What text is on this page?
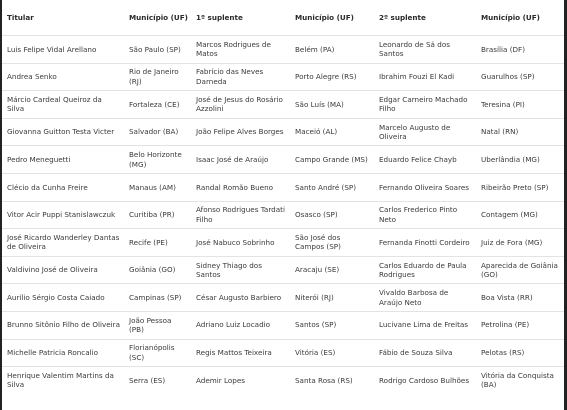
Titular	Município (UF)	1º suplente	Município (UF)	2º suplente	Município (UF)
Luis Felipe Vidal Arellano	São Paulo (SP)	Marcos Rodrigues de Matos	Belém (PA)	Leonardo de Sá dos Santos	Brasília (DF)
Andrea Senko	Rio de Janeiro (RJ)	Fabrício das Neves Darneda	Porto Alegre (RS)	Ibrahim Fouzi El Kadi	Guarulhos (SP)
Márcio Cardeal Queiroz da Silva	Fortaleza (CE)	José de Jesus do Rosário Azzolini	São Luís (MA)	Edgar Carneiro Machado Filho	Teresina (PI)
Giovanna Guitton Testa Victer	Salvador (BA)	João Felipe Alves Borges	Maceió (AL)	Marcelo Augusto de Oliveira	Natal (RN)
Pedro Meneguetti	Belo Horizonte (MG)	Isaac José de Araújo	Campo Grande (MS)	Eduardo Felice Chayb	Uberlândia (MG)
Clécio da Cunha Freire	Manaus (AM)	Randal Romão Bueno	Santo André (SP)	Fernando Oliveira Soares	Ribeirão Preto (SP)
Vitor Acir Puppi Stanislawczuk	Curitiba (PR)	Afonso Rodrigues Tardati Filho	Osasco (SP)	Carlos Frederico Pinto Neto	Contagem (MG)
José Ricardo Wanderley Dantas de Oliveira	Recife (PE)	José Nabuco Sobrinho	São José dos Campos (SP)	Fernanda Finotti Cordeiro	Juiz de Fora (MG)
Valdivino José de Oliveira	Goiânia (GO)	Sidney Thiago dos Santos	Aracaju (SE)	Carlos Eduardo de Paula Rodrigues	Aparecida de Goiânia (GO)
Aurílio Sérgio Costa Caiado	Campinas (SP)	César Augusto Barbiero	Niterói (RJ)	Vivaldo Barbosa de Araújo Neto	Boa Vista (RR)
Brunno Sitônio Filho de Oliveira	João Pessoa (PB)	Adriano Luiz Locadio	Santos (SP)	Lucivane Lima de Freitas	Petrolina (PE)
Michelle Patricia Roncalio	Florianópolis (SC)	Regis Mattos Teixeira	Vitória (ES)	Fábio de Souza Silva	Pelotas (RS)
Henrique Valentim Martins da Silva	Serra (ES)	Ademir Lopes	Santa Rosa (RS)	Rodrigo Cardoso Bulhões	Vitória da Conquista (BA)
